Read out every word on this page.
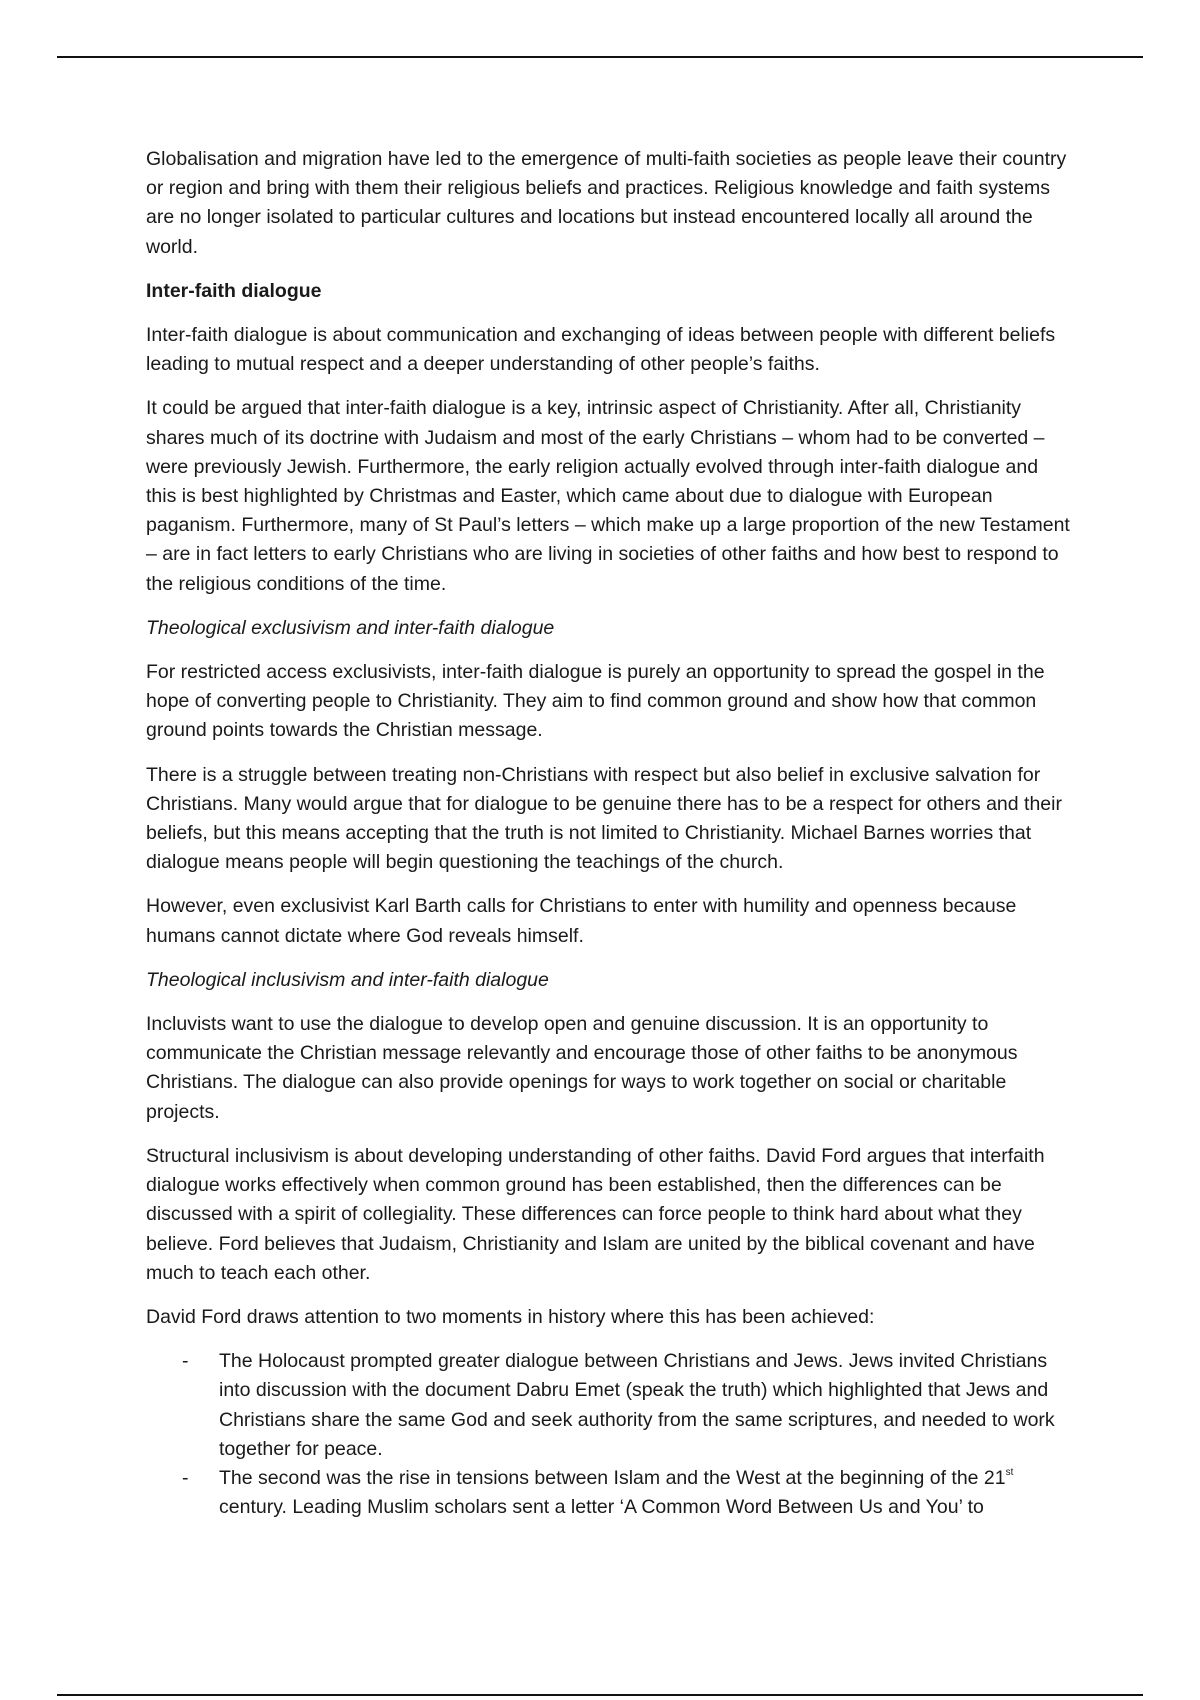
Globalisation and migration have led to the emergence of multi-faith societies as people leave their country or region and bring with them their religious beliefs and practices. Religious knowledge and faith systems are no longer isolated to particular cultures and locations but instead encountered locally all around the world.

Inter-faith dialogue

Inter-faith dialogue is about communication and exchanging of ideas between people with different beliefs leading to mutual respect and a deeper understanding of other people’s faiths.

It could be argued that inter-faith dialogue is a key, intrinsic aspect of Christianity. After all, Christianity shares much of its doctrine with Judaism and most of the early Christians – whom had to be converted – were previously Jewish. Furthermore, the early religion actually evolved through inter-faith dialogue and this is best highlighted by Christmas and Easter, which came about due to dialogue with European paganism. Furthermore, many of St Paul’s letters – which make up a large proportion of the new Testament – are in fact letters to early Christians who are living in societies of other faiths and how best to respond to the religious conditions of the time.

Theological exclusivism and inter-faith dialogue

For restricted access exclusivists, inter-faith dialogue is purely an opportunity to spread the gospel in the hope of converting people to Christianity. They aim to find common ground and show how that common ground points towards the Christian message.

There is a struggle between treating non-Christians with respect but also belief in exclusive salvation for Christians. Many would argue that for dialogue to be genuine there has to be a respect for others and their beliefs, but this means accepting that the truth is not limited to Christianity. Michael Barnes worries that dialogue means people will begin questioning the teachings of the church.

However, even exclusivist Karl Barth calls for Christians to enter with humility and openness because humans cannot dictate where God reveals himself.

Theological inclusivism and inter-faith dialogue

Incluvists want to use the dialogue to develop open and genuine discussion. It is an opportunity to communicate the Christian message relevantly and encourage those of other faiths to be anonymous Christians. The dialogue can also provide openings for ways to work together on social or charitable projects.

Structural inclusivism is about developing understanding of other faiths. David Ford argues that interfaith dialogue works effectively when common ground has been established, then the differences can be discussed with a spirit of collegiality. These differences can force people to think hard about what they believe. Ford believes that Judaism, Christianity and Islam are united by the biblical covenant and have much to teach each other.

David Ford draws attention to two moments in history where this has been achieved:

- The Holocaust prompted greater dialogue between Christians and Jews. Jews invited Christians into discussion with the document Dabru Emet (speak the truth) which highlighted that Jews and Christians share the same God and seek authority from the same scriptures, and needed to work together for peace.
- The second was the rise in tensions between Islam and the West at the beginning of the 21st century. Leading Muslim scholars sent a letter ‘A Common Word Between Us and You’ to
